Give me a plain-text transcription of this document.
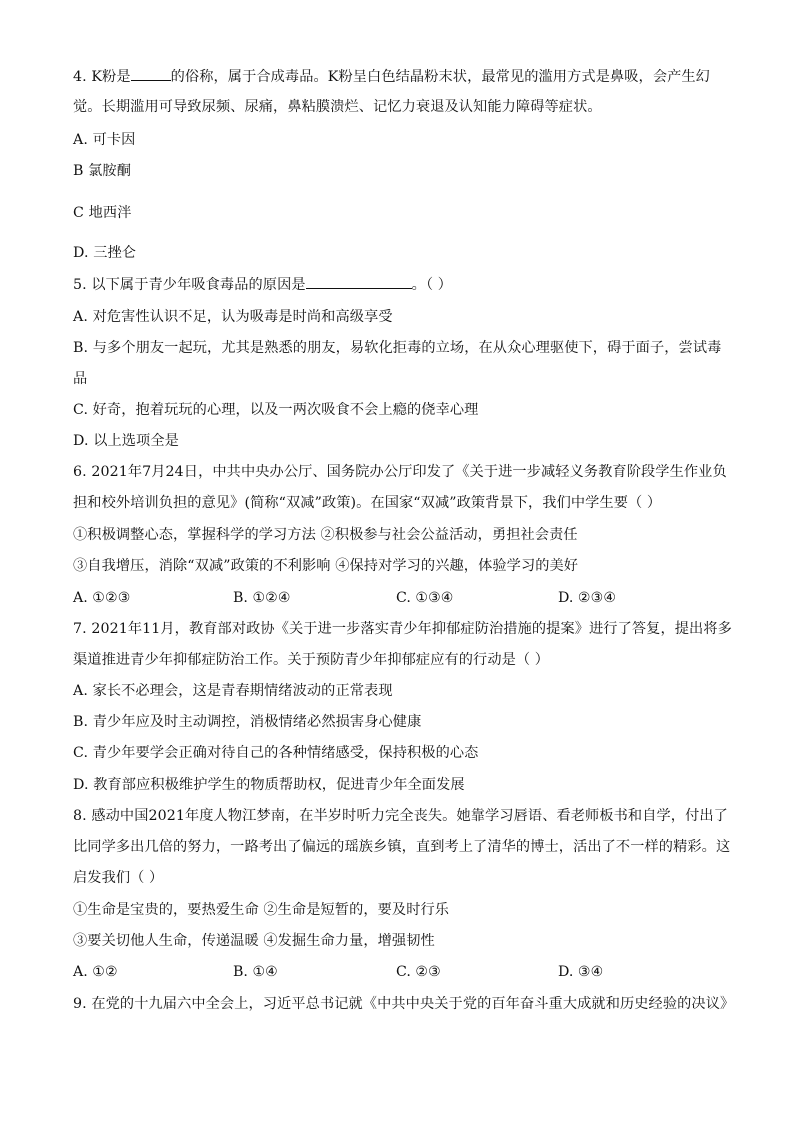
4. K粉是	的俗称，属于合成毒品。K粉呈白色结晶粉末状，最常见的滥用方式是鼻吸，会产生幻
觉。长期滥用可导致尿频、尿痛，鼻粘膜溃烂、记忆力衰退及认知能力障碍等症状。
A. 可卡因
B 氯胺酮
C 地西泮
D. 三挫仑
5. 以下属于青少年吸食毒品的原因是	。（ ）
A. 对危害性认识不足，认为吸毒是时尚和高级享受
B. 与多个朋友一起玩，尤其是熟悉的朋友，易软化拒毒的立场，在从众心理驱使下，碍于面子，尝试毒
品
C. 好奇，抱着玩玩的心理，以及一两次吸食不会上瘾的侥幸心理
D. 以上选项全是
6. 2021年7月24日，中共中央办公厅、国务院办公厅印发了《关于进一步减轻义务教育阶段学生作业负
担和校外培训负担的意见》(简称“双减”政策)。在国家“双减”政策背景下，我们中学生要（ ）
①积极调整心态，掌握科学的学习方法 ②积极参与社会公益活动，勇担社会责任
③自我增压，消除“双减”政策的不利影响 ④保持对学习的兴趣，体验学习的美好
A. ①②③	B. ①②④	C. ①③④	D. ②③④
7. 2021年11月，教育部对政协《关于进一步落实青少年抑郁症防治措施的提案》进行了答复，提出将多
渠道推进青少年抑郁症防治工作。关于预防青少年抑郁症应有的行动是（ ）
A. 家长不必理会，这是青春期情绪波动的正常表现
B. 青少年应及时主动调控，消极情绪必然损害身心健康
C. 青少年要学会正确对待自己的各种情绪感受，保持积极的心态
D. 教育部应积极维护学生的物质帮助权，促进青少年全面发展
8. 感动中国2021年度人物江梦南，在半岁时听力完全丧失。她靠学习唇语、看老师板书和自学，付出了
比同学多出几倍的努力，一路考出了偏远的瑶族乡镇，直到考上了清华的博士，活出了不一样的精彩。这
启发我们（ ）
①生命是宝贵的，要热爱生命 ②生命是短暂的，要及时行乐
③要关切他人生命，传递温暖 ④发掘生命力量，增强韧性
A. ①②	B. ①④	C. ②③	D. ③④
9. 在党的十九届六中全会上，习近平总书记就《中共中央关于党的百年奋斗重大成就和历史经验的决议》
